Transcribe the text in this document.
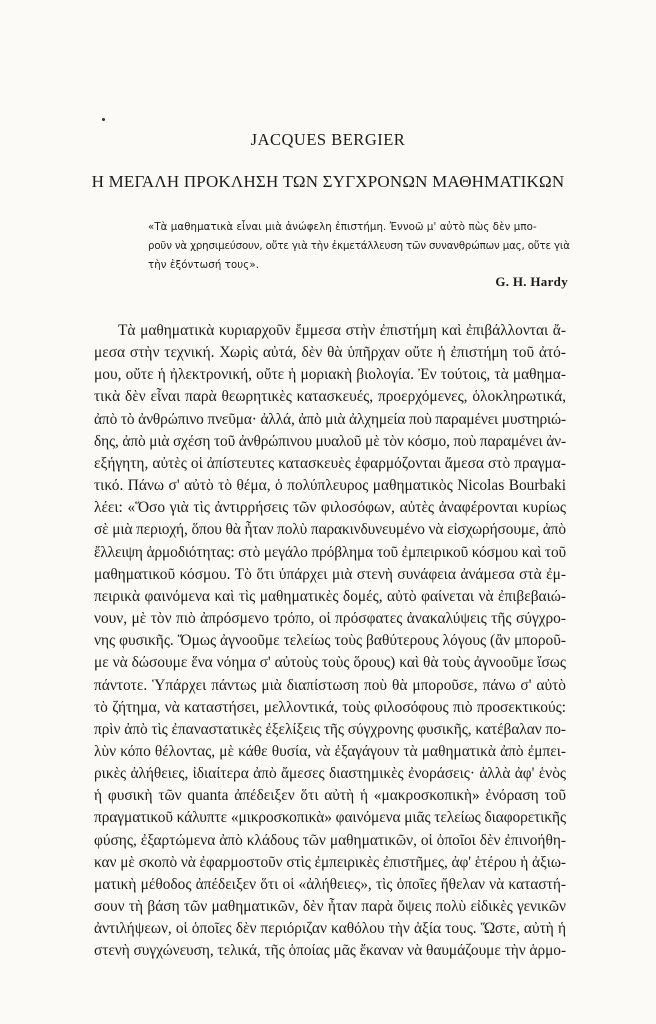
JACQUES BERGIER
Η ΜΕΓΑΛΗ ΠΡΟΚΛΗΣΗ ΤΩΝ ΣΥΓΧΡΟΝΩΝ ΜΑΘΗΜΑΤΙΚΩΝ
«Τὰ μαθηματικὰ εἶναι μιὰ ἀνώφελη ἐπιστήμη. Ἐννοῶ μ' αὐτὸ πὼς δὲν μπο-
ροῦν νὰ χρησιμεύσουν, οὔτε γιὰ τὴν ἐκμετάλλευση τῶν συνανθρώπων μας, οὔτε γιὰ
τὴν ἐξόντωσή τους».
G. H. Hardy
Τὰ μαθηματικὰ κυριαρχοῦν ἔμμεσα στὴν ἐπιστήμη καὶ ἐπιβάλλονται ἄ-
μεσα στὴν τεχνική. Χωρὶς αὐτά, δὲν θὰ ὑπῆρχαν οὔτε ἡ ἐπιστήμη τοῦ ἀτό-
μου, οὔτε ἡ ἠλεκτρονική, οὔτε ἡ μοριακὴ βιολογία. Ἐν τούτοις, τὰ μαθημα-
τικὰ δὲν εἶναι παρὰ θεωρητικὲς κατασκευές, προερχόμενες, ὁλοκληρωτικά,
ἀπὸ τὸ ἀνθρώπινο πνεῦμα· ἀλλά, ἀπὸ μιὰ ἀλχημεία ποὺ παραμένει μυστηριώ-
δης, ἀπὸ μιὰ σχέση τοῦ ἀνθρώπινου μυαλοῦ μὲ τὸν κόσμο, ποὺ παραμένει ἀν-
εξήγητη, αὐτὲς οἱ ἀπίστευτες κατασκευὲς ἐφαρμόζονται ἄμεσα στὸ πραγμα-
τικό. Πάνω σ' αὐτὸ τὸ θέμα, ὁ πολύπλευρος μαθηματικὸς Nicolas Bourbaki
λέει: «Ὅσο γιὰ τὶς ἀντιρρήσεις τῶν φιλοσόφων, αὐτὲς ἀναφέρονται κυρίως
σὲ μιὰ περιοχή, ὅπου θὰ ἦταν πολὺ παρακινδυνευμένο νὰ εἰσχωρήσουμε, ἀπὸ
ἔλλειψη ἁρμοδιότητας: στὸ μεγάλο πρόβλημα τοῦ ἐμπειρικοῦ κόσμου καὶ τοῦ
μαθηματικοῦ κόσμου. Τὸ ὅτι ὑπάρχει μιὰ στενὴ συνάφεια ἀνάμεσα στὰ ἐμ-
πειρικὰ φαινόμενα καὶ τὶς μαθηματικὲς δομές, αὐτὸ φαίνεται νὰ ἐπιβεβαιώ-
νουν, μὲ τὸν πιὸ ἀπρόσμενο τρόπο, οἱ πρόσφατες ἀνακαλύψεις τῆς σύγχρο-
νης φυσικῆς. Ὅμως ἀγνοοῦμε τελείως τοὺς βαθύτερους λόγους (ἂν μποροῦ-
με νὰ δώσουμε ἕνα νόημα σ' αὐτοὺς τοὺς ὅρους) καὶ θὰ τοὺς ἀγνοοῦμε ἴσως
πάντοτε. Ὑπάρχει πάντως μιὰ διαπίστωση ποὺ θὰ μποροῦσε, πάνω σ' αὐτὸ
τὸ ζήτημα, νὰ καταστήσει, μελλοντικά, τοὺς φιλοσόφους πιὸ προσεκτικούς:
πρὶν ἀπὸ τὶς ἐπαναστατικὲς ἐξελίξεις τῆς σύγχρονης φυσικῆς, κατέβαλαν πο-
λὺν κόπο θέλοντας, μὲ κάθε θυσία, νὰ ἐξαγάγουν τὰ μαθηματικὰ ἀπὸ ἐμπει-
ρικὲς ἀλήθειες, ἰδιαίτερα ἀπὸ ἄμεσες διαστημικὲς ἐνοράσεις· ἀλλὰ ἀφ' ἑνὸς
ἡ φυσικὴ τῶν quanta ἀπέδειξεν ὅτι αὐτὴ ἡ «μακροσκοπικὴ» ἐνόραση τοῦ
πραγματικοῦ κάλυπτε «μικροσκοπικὰ» φαινόμενα μιᾶς τελείως διαφορετικῆς
φύσης, ἐξαρτώμενα ἀπὸ κλάδους τῶν μαθηματικῶν, οἱ ὁποῖοι δὲν ἐπινοήθη-
καν μὲ σκοπὸ νὰ ἐφαρμοστοῦν στὶς ἐμπειρικὲς ἐπιστῆμες, ἀφ' ἑτέρου ἡ ἀξιω-
ματικὴ μέθοδος ἀπέδειξεν ὅτι οἱ «ἀλήθειες», τὶς ὁποῖες ἤθελαν νὰ καταστή-
σουν τὴ βάση τῶν μαθηματικῶν, δὲν ἦταν παρὰ ὄψεις πολὺ εἰδικὲς γενικῶν
ἀντιλήψεων, οἱ ὁποῖες δὲν περιόριζαν καθόλου τὴν ἀξία τους. Ὥστε, αὐτὴ ἡ
στενὴ συγχώνευση, τελικά, τῆς ὁποίας μᾶς ἔκαναν νὰ θαυμάζουμε τὴν ἁρμο-
